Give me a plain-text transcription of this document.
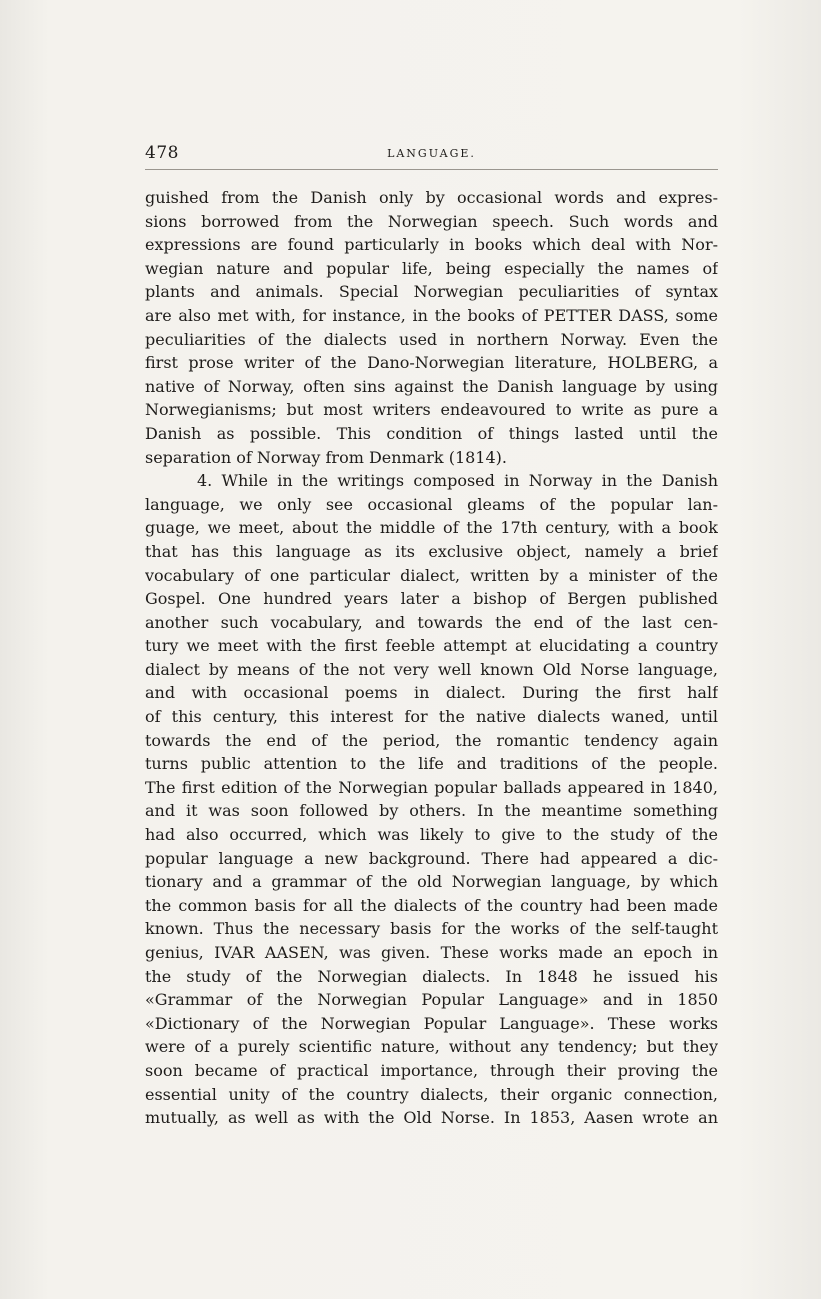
478	LANGUAGE.
guished from the Danish only by occasional words and expres-
sions borrowed from the Norwegian speech. Such words and
expressions are found particularly in books which deal with Nor-
wegian nature and popular life, being especially the names of
plants and animals. Special Norwegian peculiarities of syntax
are also met with, for instance, in the books of PETTER DASS, some
peculiarities of the dialects used in northern Norway. Even the
first prose writer of the Dano-Norwegian literature, HOLBERG, a
native of Norway, often sins against the Danish language by using
Norwegianisms; but most writers endeavoured to write as pure a
Danish as possible. This condition of things lasted until the
separation of Norway from Denmark (1814).
4. While in the writings composed in Norway in the Danish
language, we only see occasional gleams of the popular lan-
guage, we meet, about the middle of the 17th century, with a book
that has this language as its exclusive object, namely a brief
vocabulary of one particular dialect, written by a minister of the
Gospel. One hundred years later a bishop of Bergen published
another such vocabulary, and towards the end of the last cen-
tury we meet with the first feeble attempt at elucidating a country
dialect by means of the not very well known Old Norse language,
and with occasional poems in dialect. During the first half
of this century, this interest for the native dialects waned, until
towards the end of the period, the romantic tendency again
turns public attention to the life and traditions of the people.
The first edition of the Norwegian popular ballads appeared in 1840,
and it was soon followed by others. In the meantime something
had also occurred, which was likely to give to the study of the
popular language a new background. There had appeared a dic-
tionary and a grammar of the old Norwegian language, by which
the common basis for all the dialects of the country had been made
known. Thus the necessary basis for the works of the self-taught
genius, IVAR AASEN, was given. These works made an epoch in
the study of the Norwegian dialects. In 1848 he issued his
«Grammar of the Norwegian Popular Language» and in 1850
«Dictionary of the Norwegian Popular Language». These works
were of a purely scientific nature, without any tendency; but they
soon became of practical importance, through their proving the
essential unity of the country dialects, their organic connection,
mutually, as well as with the Old Norse. In 1853, Aasen wrote an
